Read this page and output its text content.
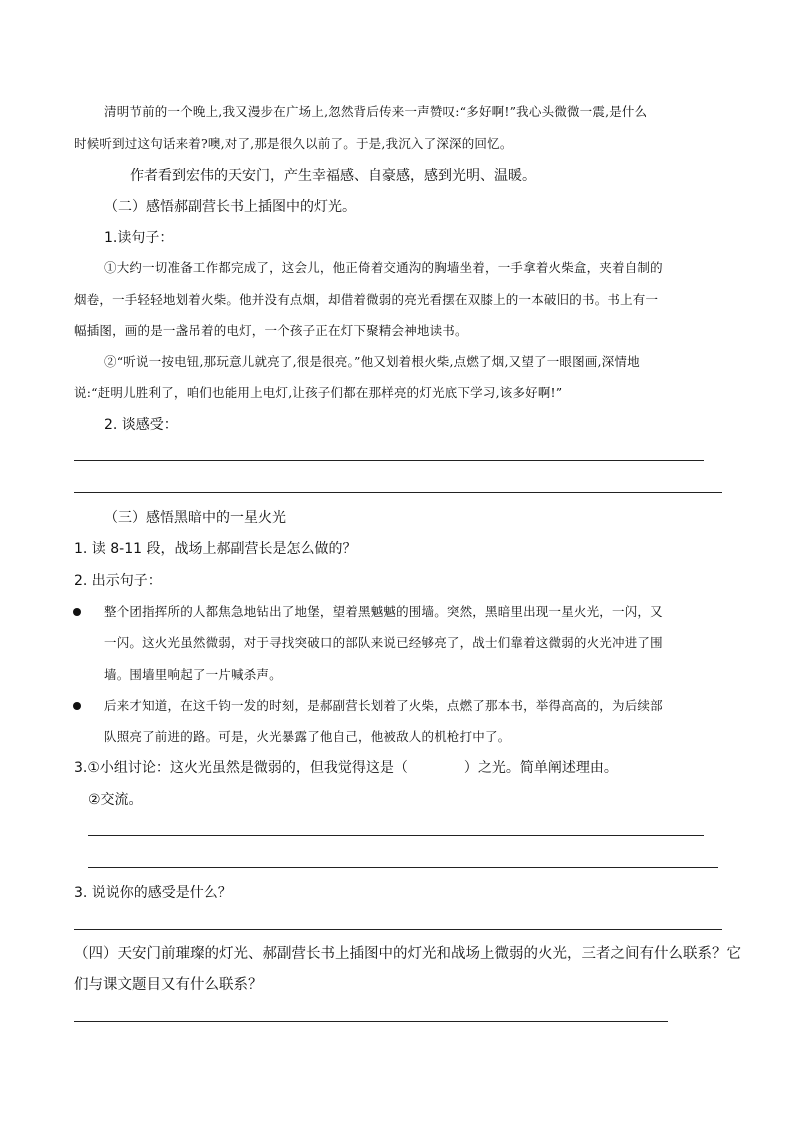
清明节前的一个晚上,我又漫步在广场上,忽然背后传来一声赞叹:“多好啊!”我心头微微一震,是什么
时候听到过这句话来着?噢,对了,那是很久以前了。于是,我沉入了深深的回忆。
作者看到宏伟的天安门，产生幸福感、自豪感，感到光明、温暖。
（二）感悟郝副营长书上插图中的灯光。
1.读句子：
①大约一切准备工作都完成了，这会儿，他正倚着交通沟的胸墙坐着，一手拿着火柴盒，夹着自制的
烟卷，一手轻轻地划着火柴。他并没有点烟，却借着微弱的亮光看摆在双膝上的一本破旧的书。书上有一
幅插图，画的是一盏吊着的电灯，一个孩子正在灯下聚精会神地读书。
②“听说一按电钮,那玩意儿就亮了,很是很亮。”他又划着根火柴,点燃了烟,又望了一眼图画,深情地
说:“赶明儿胜利了，咱们也能用上电灯,让孩子们都在那样亮的灯光底下学习,该多好啊!”
2. 谈感受：
（三）感悟黑暗中的一星火光
1. 读 8-11 段，战场上郝副营长是怎么做的？
2. 出示句子：
整个团指挥所的人都焦急地钻出了地堡，望着黑魆魆的围墙。突然，黑暗里出现一星火光，一闪，又
一闪。这火光虽然微弱，对于寻找突破口的部队来说已经够亮了，战士们靠着这微弱的火光冲进了围
墙。围墙里响起了一片喊杀声。
后来才知道，在这千钧一发的时刻，是郝副营长划着了火柴，点燃了那本书，举得高高的，为后续部
队照亮了前进的路。可是，火光暴露了他自己，他被敌人的机枪打中了。
3.①小组讨论：这火光虽然是微弱的，但我觉得这是（　　　　）之光。简单阐述理由。
②交流。
3. 说说你的感受是什么？
（四）天安门前璀璨的灯光、郝副营长书上插图中的灯光和战场上微弱的火光，三者之间有什么联系？它
们与课文题目又有什么联系？
